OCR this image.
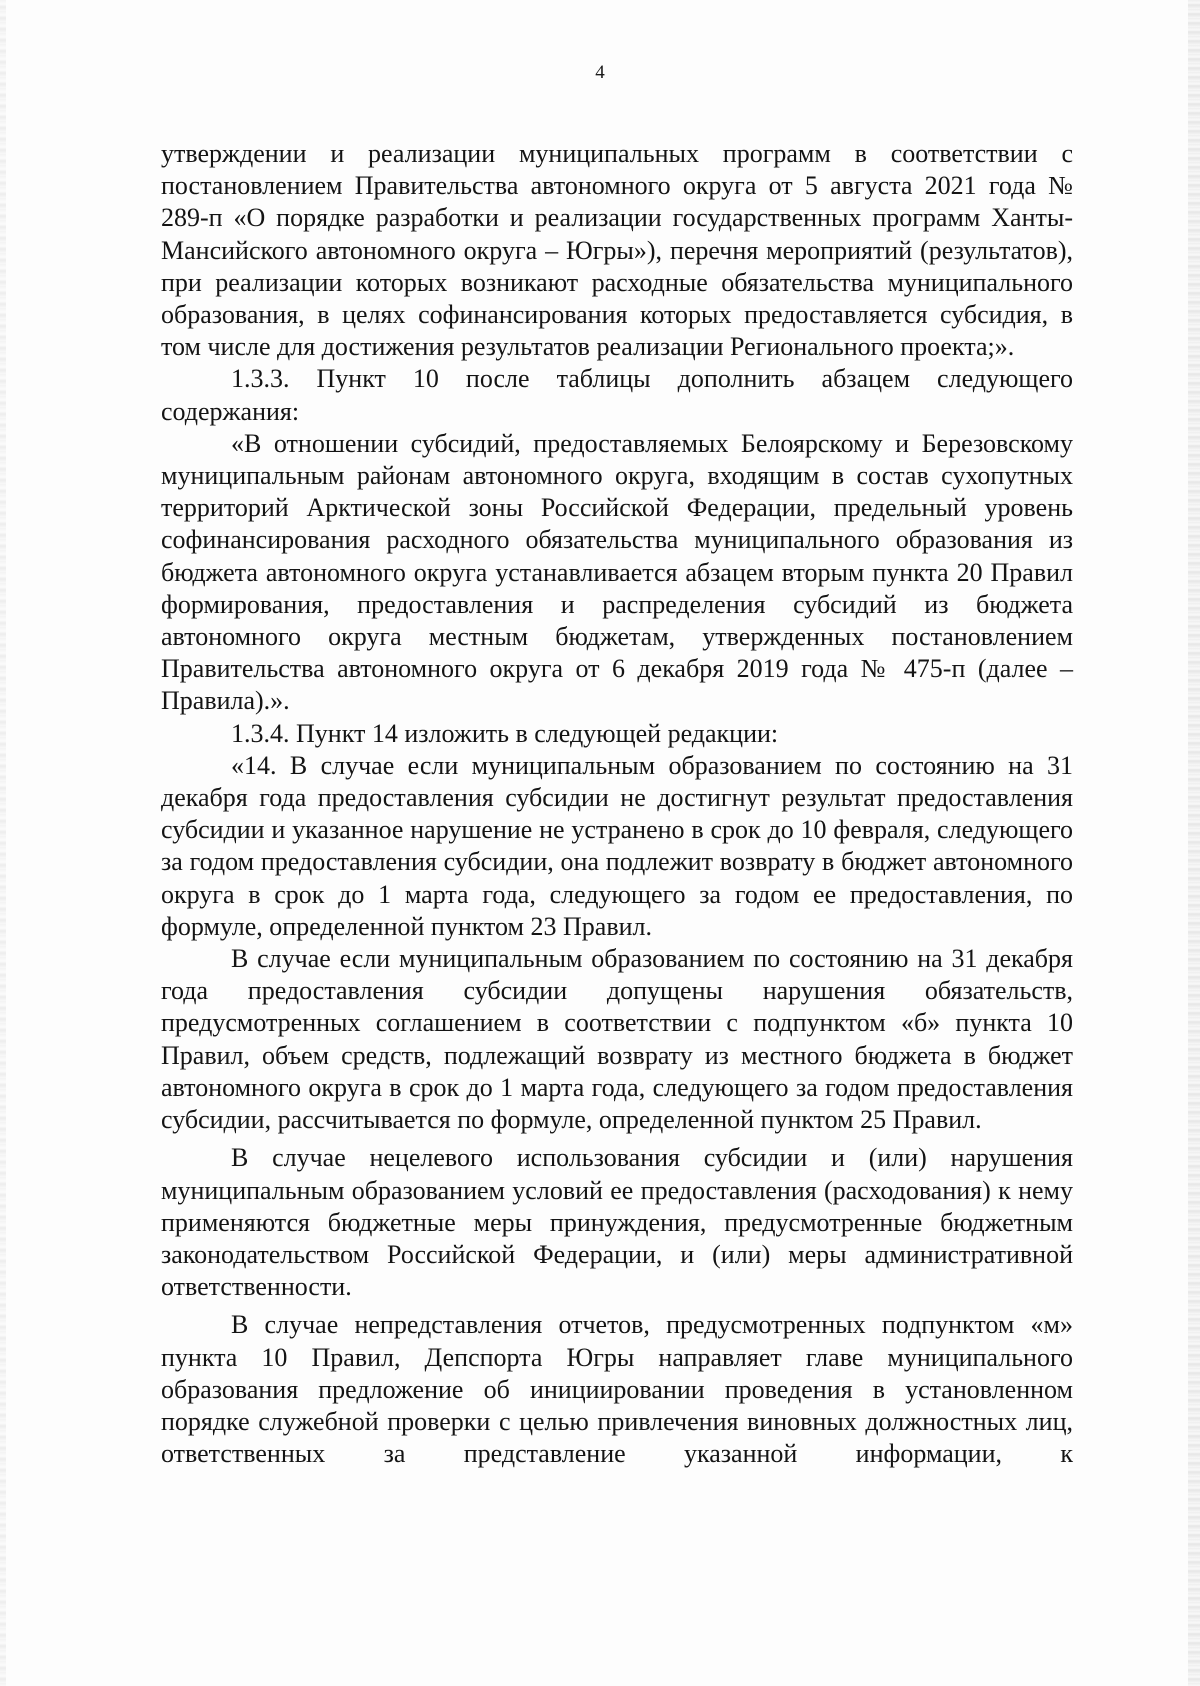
4

утверждении и реализации муниципальных программ в соответствии с постановлением Правительства автономного округа от 5 августа 2021 года № 289-п «О порядке разработки и реализации государственных программ Ханты-Мансийского автономного округа – Югры»), перечня мероприятий (результатов), при реализации которых возникают расходные обязательства муниципального образования, в целях софинансирования которых предоставляется субсидия, в том числе для достижения результатов реализации Регионального проекта;».

1.3.3. Пункт 10 после таблицы дополнить абзацем следующего содержания:

«В отношении субсидий, предоставляемых Белоярскому и Березовскому муниципальным районам автономного округа, входящим в состав сухопутных территорий Арктической зоны Российской Федерации, предельный уровень софинансирования расходного обязательства муниципального образования из бюджета автономного округа устанавливается абзацем вторым пункта 20 Правил формирования, предоставления и распределения субсидий из бюджета автономного округа местным бюджетам, утвержденных постановлением Правительства автономного округа от 6 декабря 2019 года № 475-п (далее – Правила).».

1.3.4. Пункт 14 изложить в следующей редакции:

«14. В случае если муниципальным образованием по состоянию на 31 декабря года предоставления субсидии не достигнут результат предоставления субсидии и указанное нарушение не устранено в срок до 10 февраля, следующего за годом предоставления субсидии, она подлежит возврату в бюджет автономного округа в срок до 1 марта года, следующего за годом ее предоставления, по формуле, определенной пунктом 23 Правил.

В случае если муниципальным образованием по состоянию на 31 декабря года предоставления субсидии допущены нарушения обязательств, предусмотренных соглашением в соответствии с подпунктом «б» пункта 10 Правил, объем средств, подлежащий возврату из местного бюджета в бюджет автономного округа в срок до 1 марта года, следующего за годом предоставления субсидии, рассчитывается по формуле, определенной пунктом 25 Правил.

В случае нецелевого использования субсидии и (или) нарушения муниципальным образованием условий ее предоставления (расходования) к нему применяются бюджетные меры принуждения, предусмотренные бюджетным законодательством Российской Федерации, и (или) меры административной ответственности.

В случае непредставления отчетов, предусмотренных подпунктом «м» пункта 10 Правил, Депспорта Югры направляет главе муниципального образования предложение об инициировании проведения в установленном порядке служебной проверки с целью привлечения виновных должностных лиц, ответственных за представление указанной информации, к
